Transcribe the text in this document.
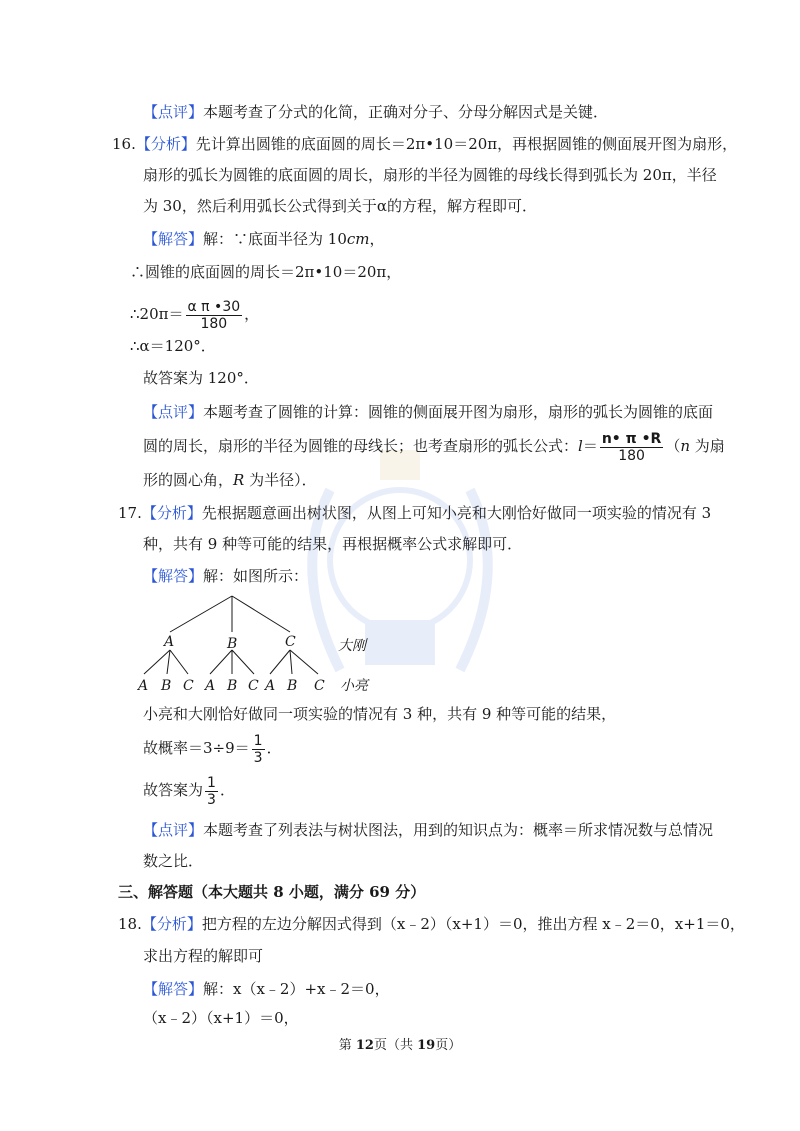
【点评】本题考查了分式的化简，正确对分子、分母分解因式是关键．
16.【分析】先计算出圆锥的底面圆的周长＝2π•10＝20π，再根据圆锥的侧面展开图为扇形，
扇形的弧长为圆锥的底面圆的周长，扇形的半径为圆锥的母线长得到弧长为 20π，半径
为 30，然后利用弧长公式得到关于α的方程，解方程即可．
【解答】解：∵底面半径为 10cm，
∴圆锥的底面圆的周长＝2π•10＝20π，
∴20π＝ $\frac{\text{α π •30}}{180}$ ，
∴α＝120°．
故答案为 120°．
【点评】本题考查了圆锥的计算：圆锥的侧面展开图为扇形，扇形的弧长为圆锥的底面
圆的周长，扇形的半径为圆锥的母线长；也考查扇形的弧长公式：$l= \frac{n• \pi •R}{180} (n$ 为扇
形的圆心角，R 为半径）．
17.【分析】先根据题意画出树状图，从图上可知小亮和大刚恰好做同一项实验的情况有 3
种，共有 9 种等可能的结果，再根据概率公式求解即可．
【解答】解：如图所示：
A	B	C	大刚
A B C A B C A B C 小亮
小亮和大刚恰好做同一项实验的情况有 3 种，共有 9 种等可能的结果，
故概率$=3\div 9= \frac{1}{3}$ ．
故答案为 $\frac{1}{3}$ ．
【点评】本题考查了列表法与树状图法，用到的知识点为：概率＝所求情况数与总情况
数之比．
三、解答题（本大题共 8 小题，满分 69 分）
18.【分析】把方程的左边分解因式得到（x﹣2）（x+1）＝0，推出方程 x﹣2＝0，x+1＝0，
求出方程的解即可
【解答】解：x（x﹣2）+x﹣2＝0，
（x﹣2）（x+1）＝0，
第 12页（共 19页）
